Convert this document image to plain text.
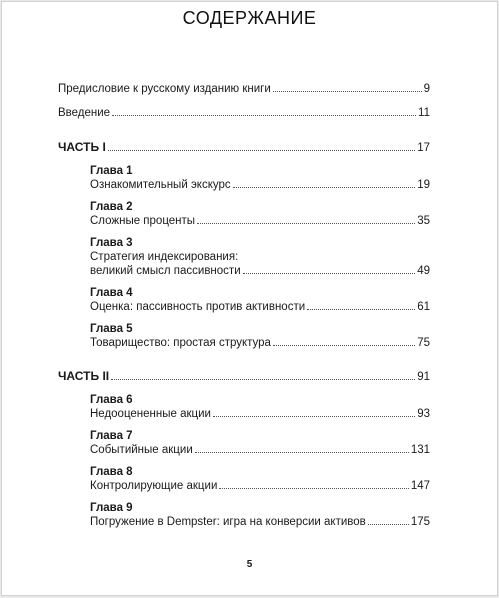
СОДЕРЖАНИЕ
Предисловие к русскому изданию книги	9
Введение	11
ЧАСТЬ I	17
Глава 1
Ознакомительный экскурс	19
Глава 2
Сложные проценты	35
Глава 3
Стратегия индексирования:
великий смысл пассивности	49
Глава 4
Оценка: пассивность против активности	61
Глава 5
Товарищество: простая структура	75
ЧАСТЬ II	91
Глава 6
Недооцененные акции	93
Глава 7
Событийные акции	131
Глава 8
Контролирующие акции	147
Глава 9
Погружение в Dempster: игра на конверсии активов	175
5
